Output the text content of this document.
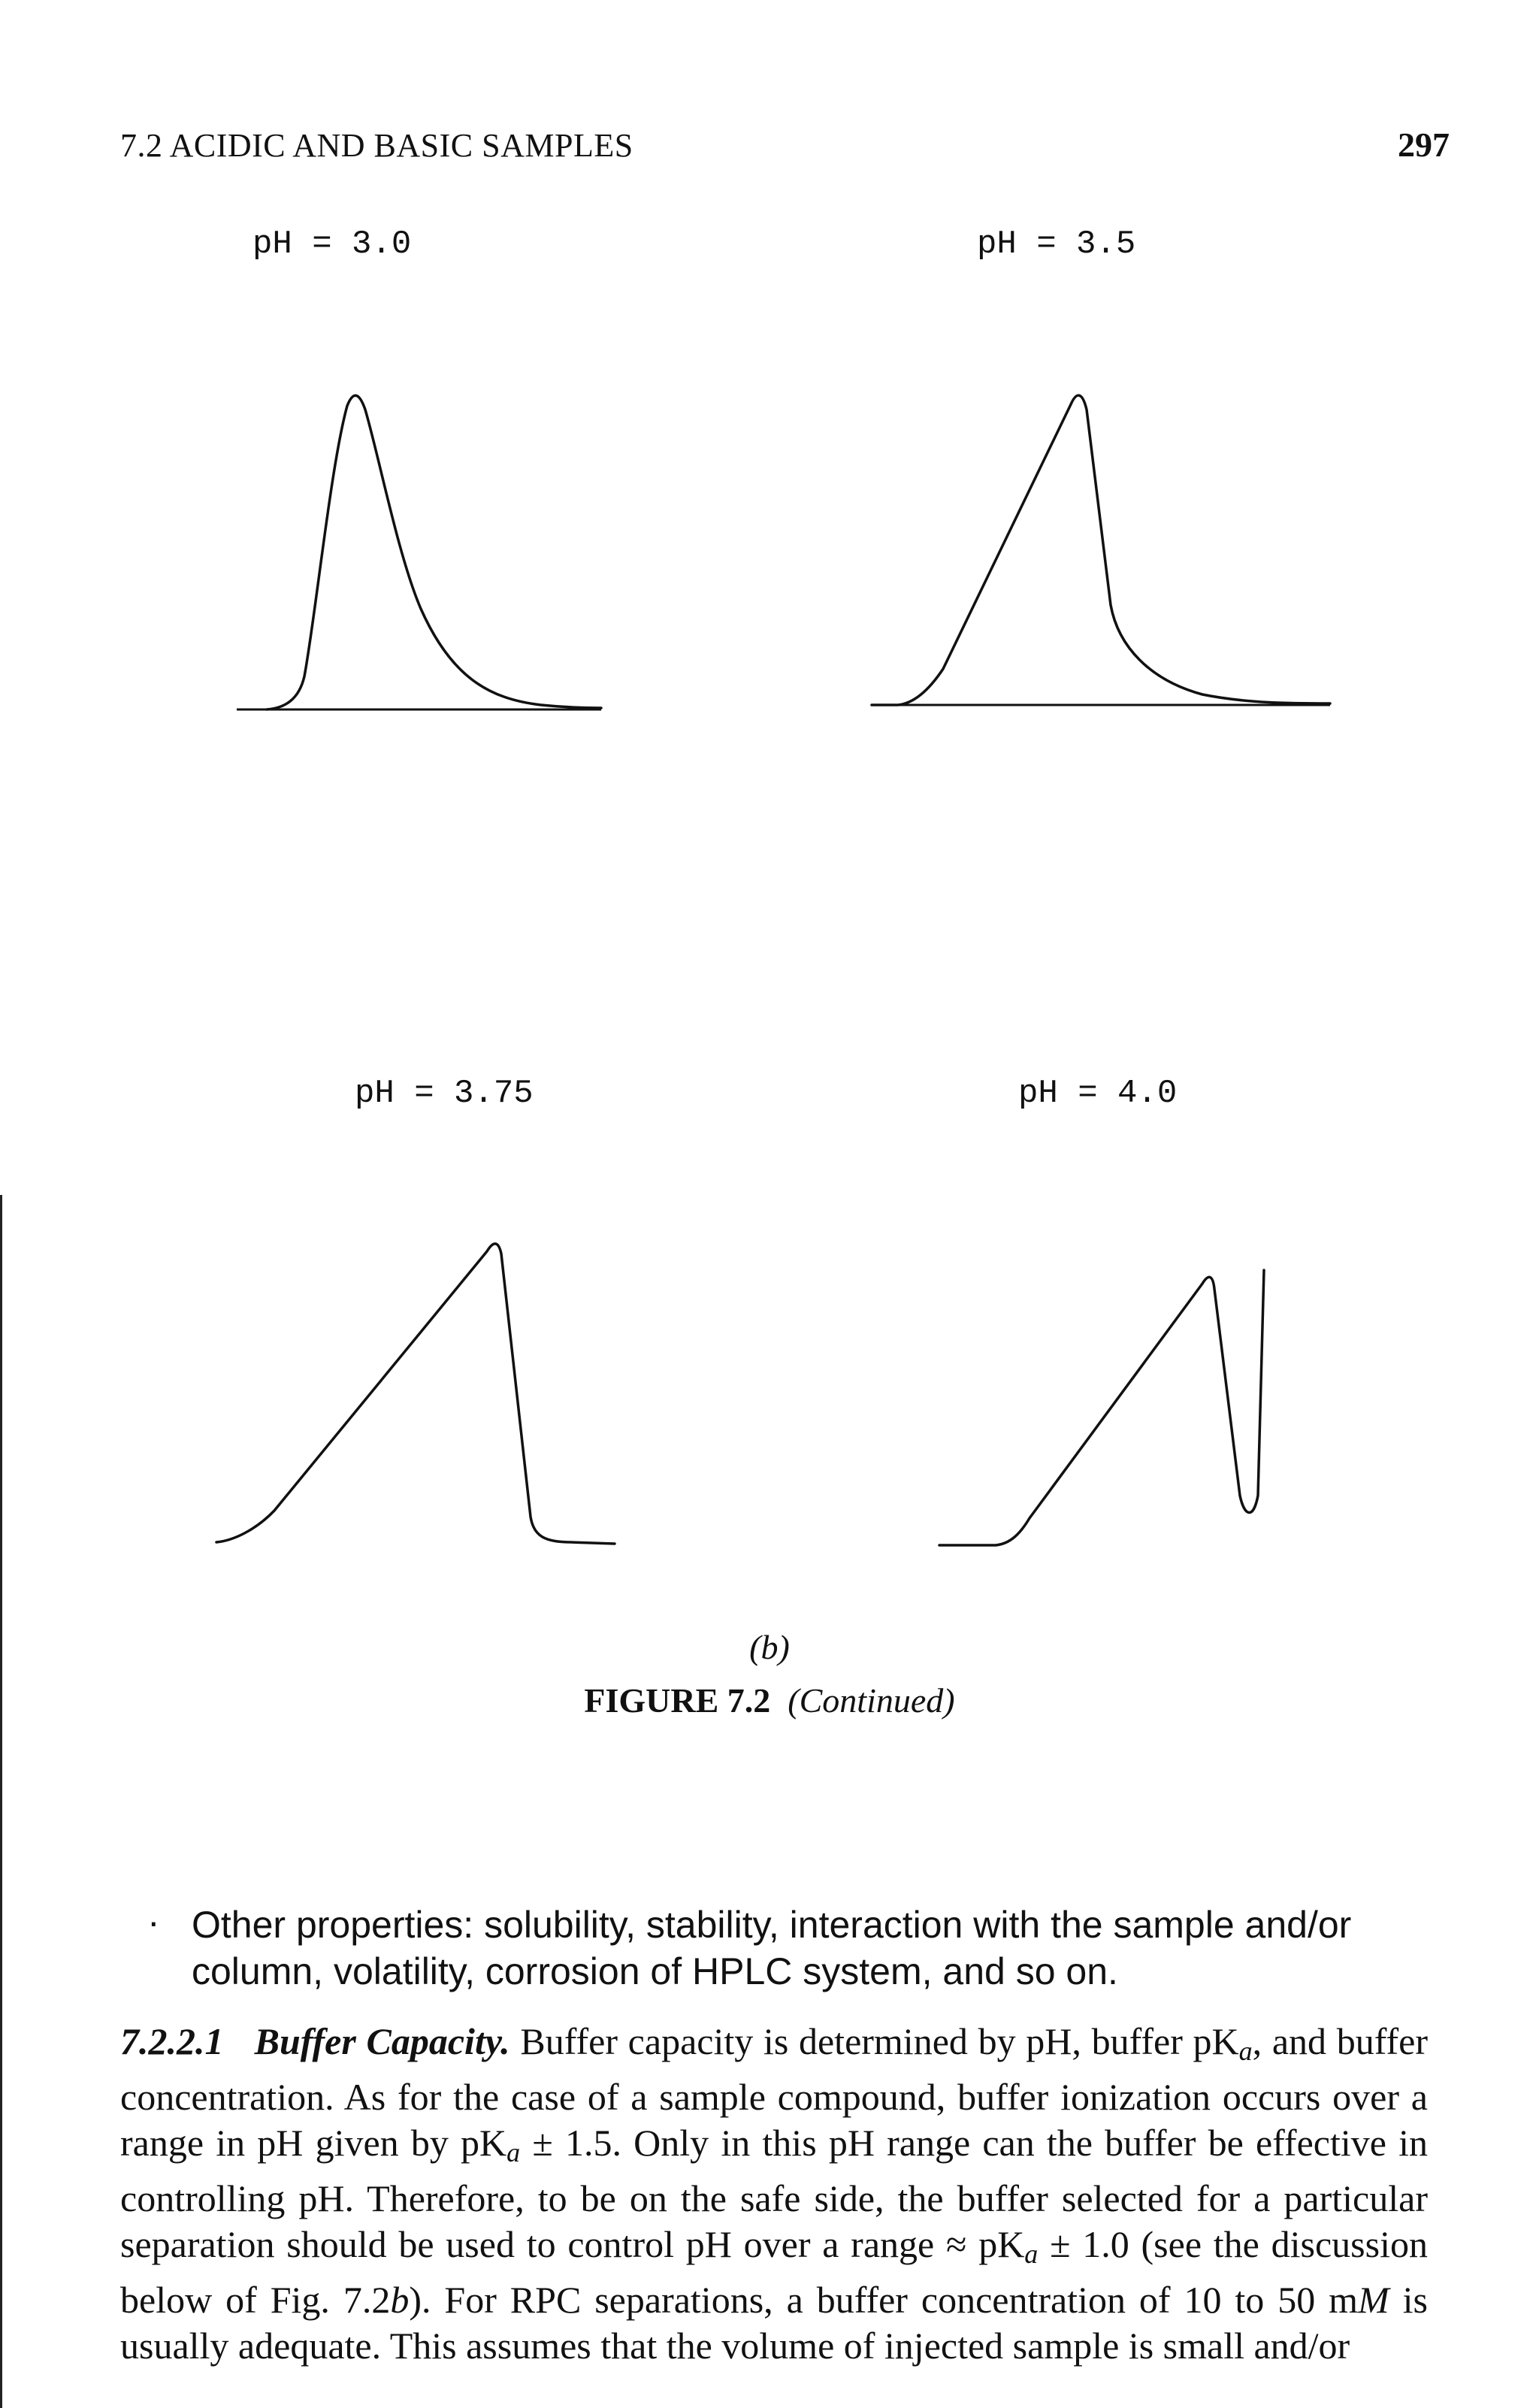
7.2 ACIDIC AND BASIC SAMPLES	297
pH = 3.0	pH = 3.5
pH = 3.75	pH = 4.0
(b)
FIGURE 7.2 (Continued)
· Other properties: solubility, stability, interaction with the sample and/or column, volatility, corrosion of HPLC system, and so on.
7.2.2.1 Buffer Capacity. Buffer capacity is determined by pH, buffer pKa, and buffer concentration. As for the case of a sample compound, buffer ionization occurs over a range in pH given by pKa ± 1.5. Only in this pH range can the buffer be effective in controlling pH. Therefore, to be on the safe side, the buffer selected for a particular separation should be used to control pH over a range ≈ pKa ± 1.0 (see the discussion below of Fig. 7.2b). For RPC separations, a buffer concentration of 10 to 50 mM is usually adequate. This assumes that the volume of injected sample is small and/or
